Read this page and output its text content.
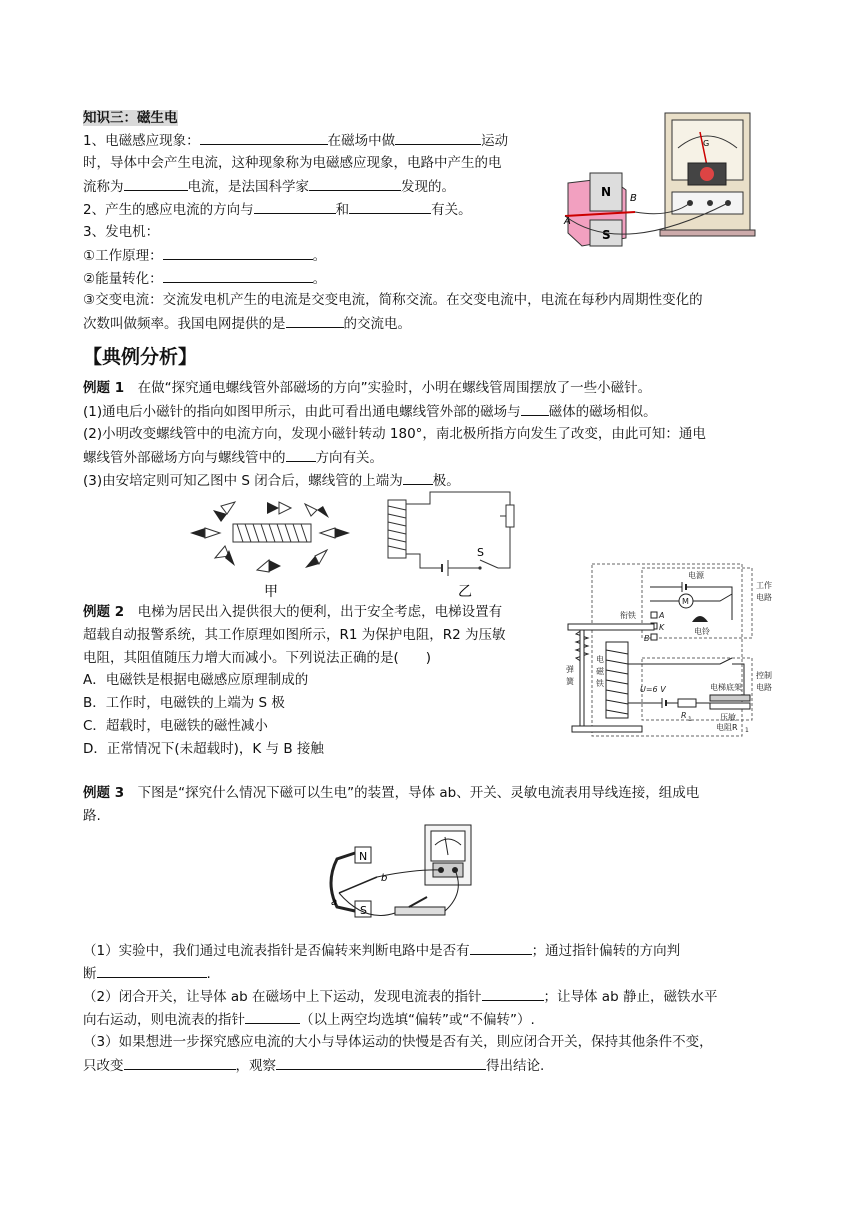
知识三：磁生电
1、电磁感应现象：	在磁场中做	运动
时，导体中会产生电流，这种现象称为电磁感应现象，电路中产生的电
流称为	电流，是法国科学家	发现的。
2、产生的感应电流的方向与	和	有关。
3、发电机：
①工作原理：	。
②能量转化：	。
③交变电流：交流发电机产生的电流是交变电流，简称交流。在交变电流中，电流在每秒内周期性变化的
次数叫做频率。我国电网提供的是	的交流电。
G
N
S
A
B
【典例分析】
例题 1　在做“探究通电螺线管外部磁场的方向”实验时，小明在螺线管周围摆放了一些小磁针。
(1)通电后小磁针的指向如图甲所示，由此可看出通电螺线管外部的磁场与 磁体的磁场相似。
(2)小明改变螺线管中的电流方向，发现小磁针转动 180°，南北极所指方向发生了改变，由此可知：通电
螺线管外部磁场方向与螺线管中的 方向有关。
(3)由安培定则可知乙图中 S 闭合后，螺线管的上端为 极。
甲
S
乙
例题 2　电梯为居民出入提供很大的便利，出于安全考虑，电梯设置有
超载自动报警系统，其工作原理如图所示，R1 为保护电阻，R2 为压敏
电阻，其阻值随压力增大而减小。下列说法正确的是(　　)
A．电磁铁是根据电磁感应原理制成的
B．工作时，电磁铁的上端为 S 极
C．超载时，电磁铁的磁性减小
D．正常情况下(未超载时)，K 与 B 接触
电源
工作
电路
M
电铃
A
K
B
衔铁
弹
簧
电
磁
铁
控制
电路
U=6 V
R 1
电梯底架
压敏
电阻R 1
例题 3　下图是“探究什么情况下磁可以生电”的装置，导体 ab、开关、灵敏电流表用导线连接，组成电
路.
N
S
a
b
（1）实验中，我们通过电流表指针是否偏转来判断电路中是否有	；通过指针偏转的方向判
断	.
（2）闭合开关，让导体 ab 在磁场中上下运动，发现电流表的指针	；让导体 ab 静止，磁铁水平
向右运动，则电流表的指针	（以上两空均选填“偏转”或“不偏转”）.
（3）如果想进一步探究感应电流的大小与导体运动的快慢是否有关，則应闭合开关，保持其他条件不变，
只改变	，观察	得出结论.
